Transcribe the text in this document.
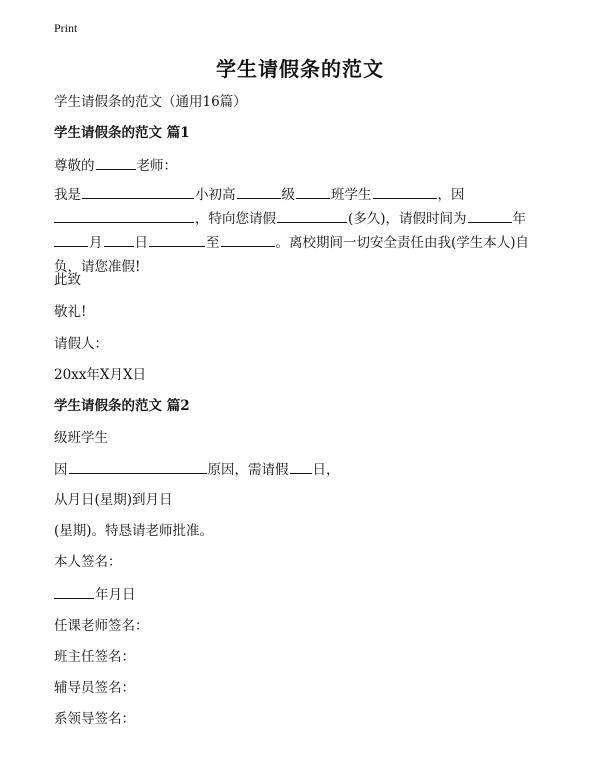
Print
学生请假条的范文
学生请假条的范文（通用16篇）
学生请假条的范文 篇1
尊敬的	老师：
我是	小初高	级	班学生	，因
，特向您请假	(多久)，请假时间为	年
月 日	至	。离校期间一切安全责任由我(学生本人)自
负，请您准假!
此致
敬礼!
请假人：
20xx年X月X日
学生请假条的范文 篇2
级班学生
因	原因，需请假 日，
从月日(星期)到月日
(星期)。特恳请老师批准。
本人签名：
年月日
任课老师签名：
班主任签名：
辅导员签名：
系领导签名：
